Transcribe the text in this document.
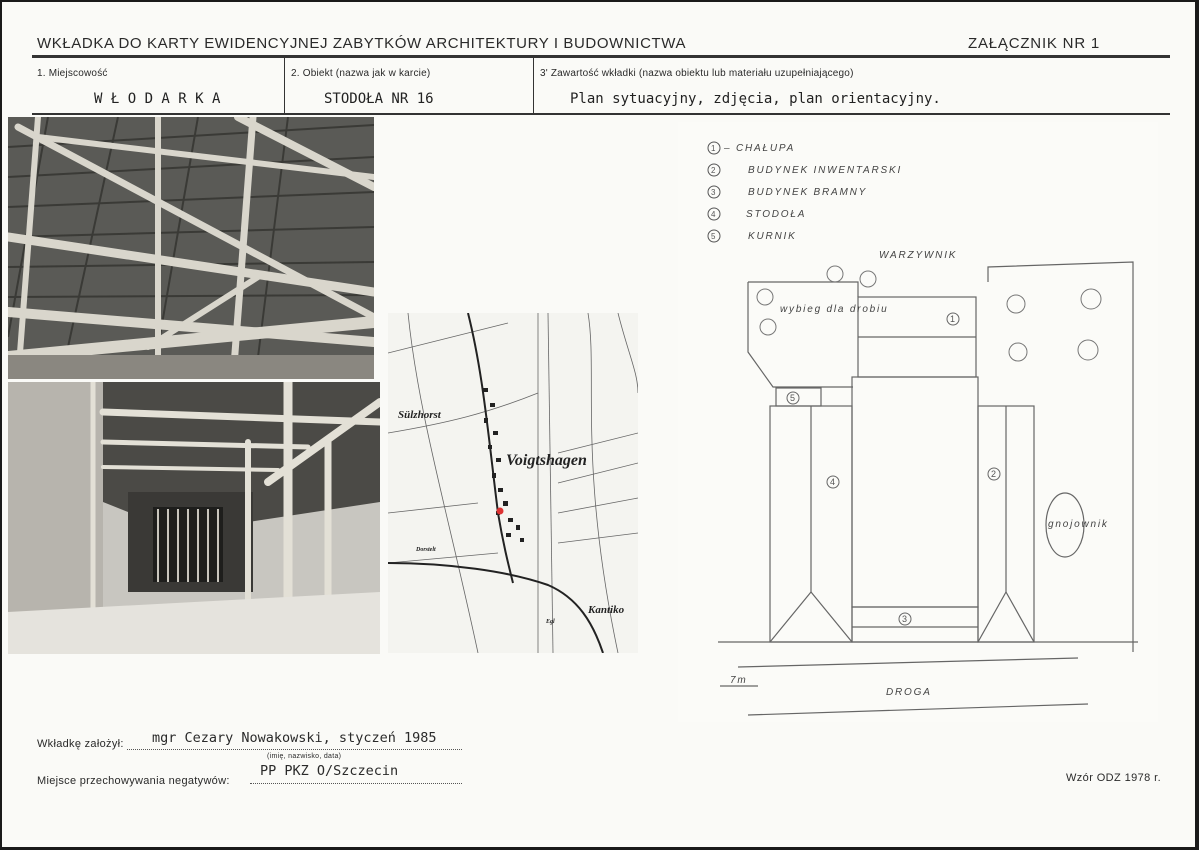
WKŁADKA DO KARTY EWIDENCYJNEJ ZABYTKÓW ARCHITEKTURY I BUDOWNICTWA	ZAŁĄCZNIK NR 1
1. Miejscowość
W Ł O D A R K A
2. Obiekt (nazwa jak w karcie)
STODOŁA NR 16
3' Zawartość wkładki (nazwa obiektu lub materiału uzupełniającego)
Plan sytuacyjny, zdjęcia, plan orientacyjny.
Sülzhorst
Voigtshagen
Kantiko
Dorstelt
Egl
1 – CHAŁUPA
2	BUDYNEK INWENTARSKI
3	BUDYNEK BRAMNY
4	STODOŁA
5	KURNIK
WARZYWNIK
1
2
3
4
5
wybieg dla drobiu
gnojownik
DROGA
7m
Wkładkę założył: mgr Cezary Nowakowski, styczeń 1985
(imię, nazwisko, data)
Miejsce przechowywania negatywów:
PP PKZ O/Szczecin	Wzór ODZ 1978 r.
